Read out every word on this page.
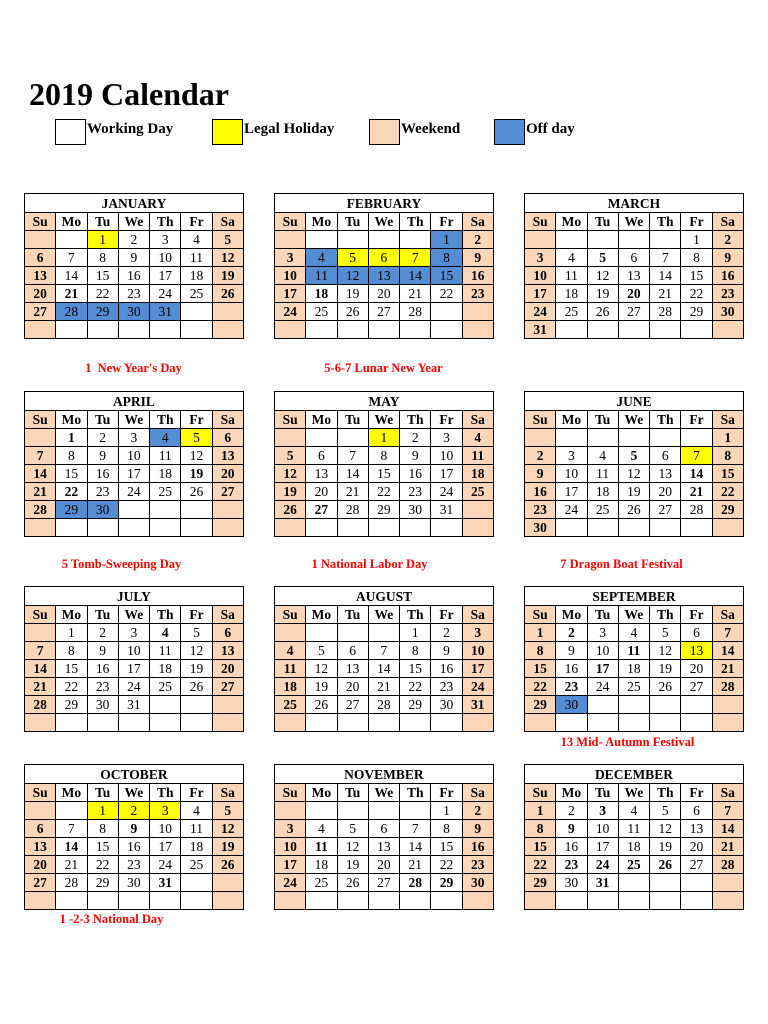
2019 Calendar
Working Day	Legal Holiday	Weekend	Off day
JANUARY						
Su	Mo	Tu	We	Th	Fr	Sa
		1	2	3	4	5
6	7	8	9	10	11	12
13	14	15	16	17	18	19
20	21	22	23	24	25	26
27	28	29	30	31		

FEBRUARY						
Su	Mo	Tu	We	Th	Fr	Sa
					1	2
3	4	5	6	7	8	9
10	11	12	13	14	15	16
17	18	19	20	21	22	23
24	25	26	27	28		

MARCH						
Su	Mo	Tu	We	Th	Fr	Sa
					1	2
3	4	5	6	7	8	9
10	11	12	13	14	15	16
17	18	19	20	21	22	23
24	25	26	27	28	29	30
31						
1  New Year's Day	5-6-7 Lunar New Year
APRIL						
Su	Mo	Tu	We	Th	Fr	Sa
	1	2	3	4	5	6
7	8	9	10	11	12	13
14	15	16	17	18	19	20
21	22	23	24	25	26	27
28	29	30				

MAY						
Su	Mo	Tu	We	Th	Fr	Sa
			1	2	3	4
5	6	7	8	9	10	11
12	13	14	15	16	17	18
19	20	21	22	23	24	25
26	27	28	29	30	31	

JUNE						
Su	Mo	Tu	We	Th	Fr	Sa
						1
2	3	4	5	6	7	8
9	10	11	12	13	14	15
16	17	18	19	20	21	22
23	24	25	26	27	28	29
30						
5 Tomb-Sweeping Day	1 National Labor Day	7 Dragon Boat Festival
JULY						
Su	Mo	Tu	We	Th	Fr	Sa
	1	2	3	4	5	6
7	8	9	10	11	12	13
14	15	16	17	18	19	20
21	22	23	24	25	26	27
28	29	30	31			

AUGUST						
Su	Mo	Tu	We	Th	Fr	Sa
				1	2	3
4	5	6	7	8	9	10
11	12	13	14	15	16	17
18	19	20	21	22	23	24
25	26	27	28	29	30	31

SEPTEMBER						
Su	Mo	Tu	We	Th	Fr	Sa
1	2	3	4	5	6	7
8	9	10	11	12	13	14
15	16	17	18	19	20	21
22	23	24	25	26	27	28
29	30					

13 Mid- Autumn Festival
OCTOBER						
Su	Mo	Tu	We	Th	Fr	Sa
		1	2	3	4	5
6	7	8	9	10	11	12
13	14	15	16	17	18	19
20	21	22	23	24	25	26
27	28	29	30	31		

NOVEMBER						
Su	Mo	Tu	We	Th	Fr	Sa
					1	2
3	4	5	6	7	8	9
10	11	12	13	14	15	16
17	18	19	20	21	22	23
24	25	26	27	28	29	30

DECEMBER						
Su	Mo	Tu	We	Th	Fr	Sa
1	2	3	4	5	6	7
8	9	10	11	12	13	14
15	16	17	18	19	20	21
22	23	24	25	26	27	28
29	30	31				

1 -2-3 National Day
